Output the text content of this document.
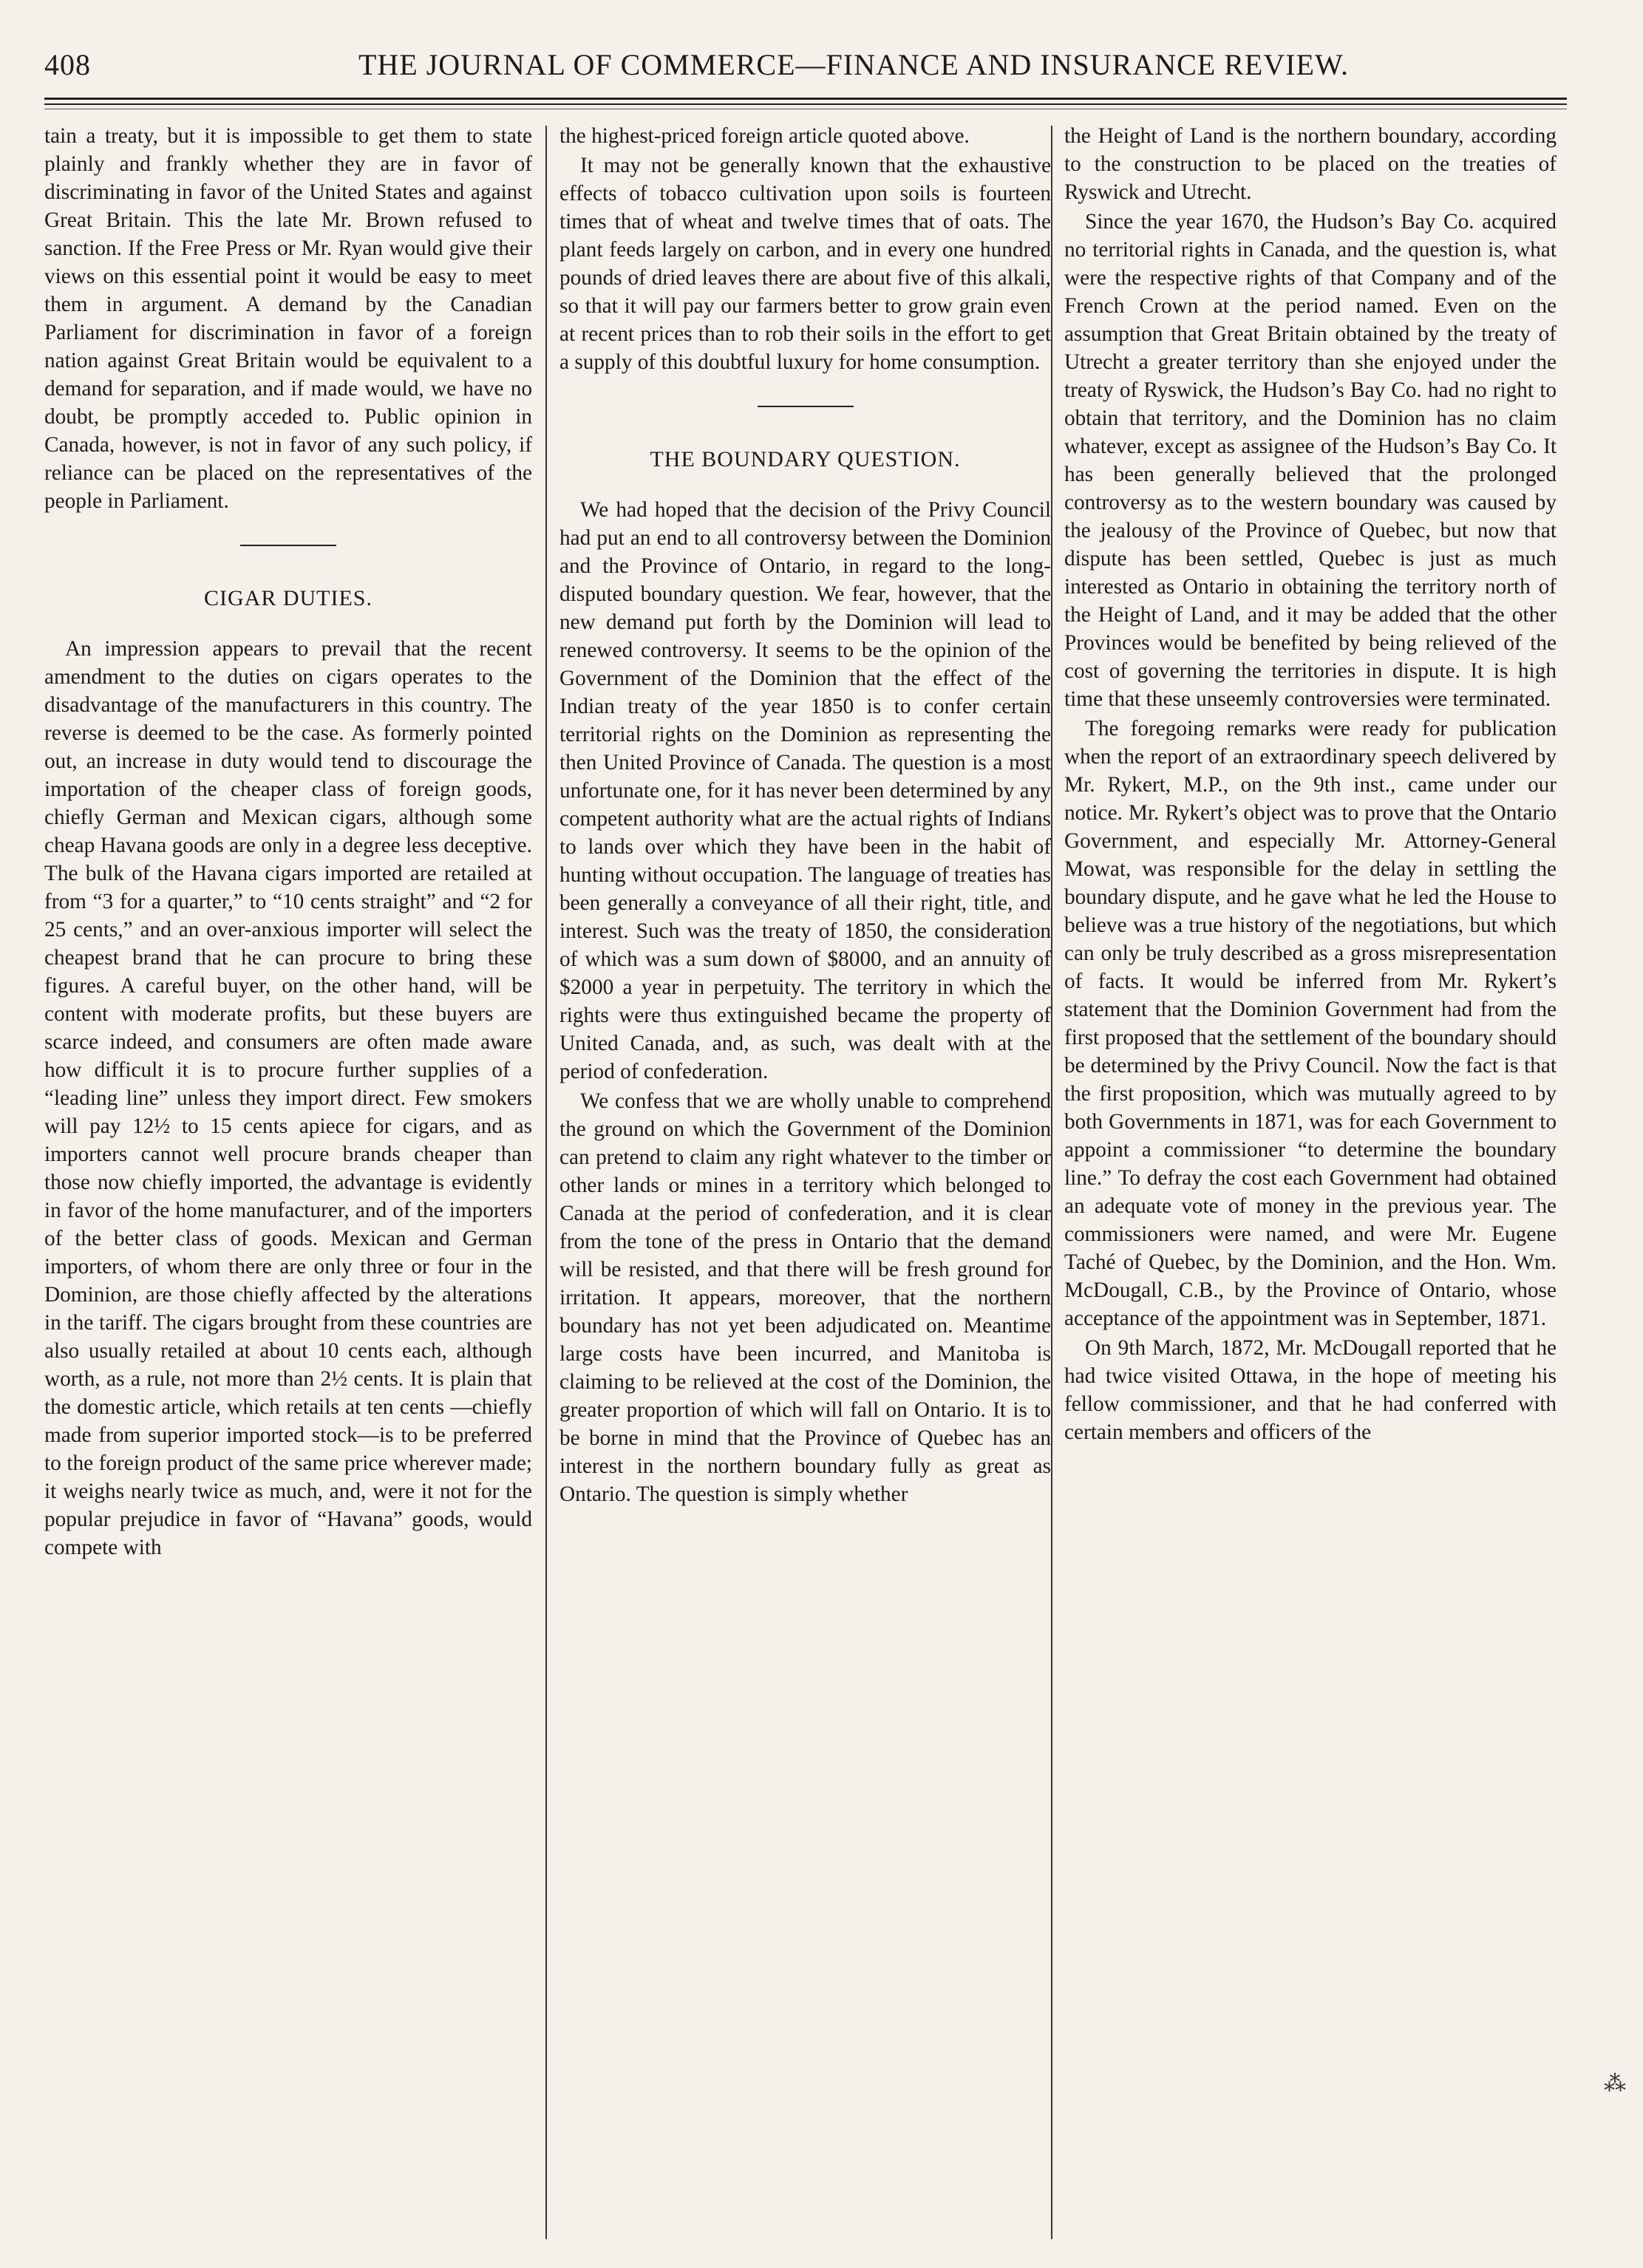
408	THE JOURNAL OF COMMERCE—FINANCE AND INSURANCE REVIEW.

tain a treaty, but it is impossible to get them to state plainly and frankly whether they are in favor of discriminating in favor of the United States and against Great Britain. This the late Mr. Brown refused to sanction. If the Free Press or Mr. Ryan would give their views on this essential point it would be easy to meet them in argument. A demand by the Canadian Parliament for discrimination in favor of a foreign nation against Great Britain would be equivalent to a demand for separation, and if made would, we have no doubt, be promptly acceded to. Public opinion in Canada, however, is not in favor of any such policy, if reliance can be placed on the representatives of the people in Parliament.

CIGAR DUTIES.

An impression appears to prevail that the recent amendment to the duties on cigars operates to the disadvantage of the manufacturers in this country. The reverse is deemed to be the case. As formerly pointed out, an increase in duty would tend to discourage the importation of the cheaper class of foreign goods, chiefly German and Mexican cigars, although some cheap Havana goods are only in a degree less deceptive. The bulk of the Havana cigars imported are retailed at from “3 for a quarter,” to “10 cents straight” and “2 for 25 cents,” and an over-anxious importer will select the cheapest brand that he can procure to bring these figures. A careful buyer, on the other hand, will be content with moderate profits, but these buyers are scarce indeed, and consumers are often made aware how difficult it is to procure further supplies of a “leading line” unless they import direct. Few smokers will pay 12½ to 15 cents apiece for cigars, and as importers cannot well procure brands cheaper than those now chiefly imported, the advantage is evidently in favor of the home manufacturer, and of the importers of the better class of goods. Mexican and German importers, of whom there are only three or four in the Dominion, are those chiefly affected by the alterations in the tariff. The cigars brought from these countries are also usually retailed at about 10 cents each, although worth, as a rule, not more than 2½ cents. It is plain that the domestic article, which retails at ten cents —chiefly made from superior imported stock—is to be preferred to the foreign product of the same price wherever made; it weighs nearly twice as much, and, were it not for the popular prejudice in favor of “Havana” goods, would compete with

the highest-priced foreign article quoted above.

It may not be generally known that the exhaustive effects of tobacco cultivation upon soils is fourteen times that of wheat and twelve times that of oats. The plant feeds largely on carbon, and in every one hundred pounds of dried leaves there are about five of this alkali, so that it will pay our farmers better to grow grain even at recent prices than to rob their soils in the effort to get a supply of this doubtful luxury for home consumption.

THE BOUNDARY QUESTION.

We had hoped that the decision of the Privy Council had put an end to all controversy between the Dominion and the Province of Ontario, in regard to the long-disputed boundary question. We fear, however, that the new demand put forth by the Dominion will lead to renewed controversy. It seems to be the opinion of the Government of the Dominion that the effect of the Indian treaty of the year 1850 is to confer certain territorial rights on the Dominion as representing the then United Province of Canada. The question is a most unfortunate one, for it has never been determined by any competent authority what are the actual rights of Indians to lands over which they have been in the habit of hunting without occupation. The language of treaties has been generally a conveyance of all their right, title, and interest. Such was the treaty of 1850, the consideration of which was a sum down of $8000, and an annuity of $2000 a year in perpetuity. The territory in which the rights were thus extinguished became the property of United Canada, and, as such, was dealt with at the period of confederation.

We confess that we are wholly unable to comprehend the ground on which the Government of the Dominion can pretend to claim any right whatever to the timber or other lands or mines in a territory which belonged to Canada at the period of confederation, and it is clear from the tone of the press in Ontario that the demand will be resisted, and that there will be fresh ground for irritation. It appears, moreover, that the northern boundary has not yet been adjudicated on. Meantime large costs have been incurred, and Manitoba is claiming to be relieved at the cost of the Dominion, the greater proportion of which will fall on Ontario. It is to be borne in mind that the Province of Quebec has an interest in the northern boundary fully as great as Ontario. The question is simply whether

the Height of Land is the northern boundary, according to the construction to be placed on the treaties of Ryswick and Utrecht.

Since the year 1670, the Hudson’s Bay Co. acquired no territorial rights in Canada, and the question is, what were the respective rights of that Company and of the French Crown at the period named. Even on the assumption that Great Britain obtained by the treaty of Utrecht a greater territory than she enjoyed under the treaty of Ryswick, the Hudson’s Bay Co. had no right to obtain that territory, and the Dominion has no claim whatever, except as assignee of the Hudson’s Bay Co. It has been generally believed that the prolonged controversy as to the western boundary was caused by the jealousy of the Province of Quebec, but now that dispute has been settled, Quebec is just as much interested as Ontario in obtaining the territory north of the Height of Land, and it may be added that the other Provinces would be benefited by being relieved of the cost of governing the territories in dispute. It is high time that these unseemly controversies were terminated.

The foregoing remarks were ready for publication when the report of an extraordinary speech delivered by Mr. Rykert, M.P., on the 9th inst., came under our notice. Mr. Rykert’s object was to prove that the Ontario Government, and especially Mr. Attorney-General Mowat, was responsible for the delay in settling the boundary dispute, and he gave what he led the House to believe was a true history of the negotiations, but which can only be truly described as a gross misrepresentation of facts. It would be inferred from Mr. Rykert’s statement that the Dominion Government had from the first proposed that the settlement of the boundary should be determined by the Privy Council. Now the fact is that the first proposition, which was mutually agreed to by both Governments in 1871, was for each Government to appoint a commissioner “to determine the boundary line.” To defray the cost each Government had obtained an adequate vote of money in the previous year. The commissioners were named, and were Mr. Eugene Taché of Quebec, by the Dominion, and the Hon. Wm. McDougall, C.B., by the Province of Ontario, whose acceptance of the appointment was in September, 1871.

On 9th March, 1872, Mr. McDougall reported that he had twice visited Ottawa, in the hope of meeting his fellow commissioner, and that he had conferred with certain members and officers of the

⁂
